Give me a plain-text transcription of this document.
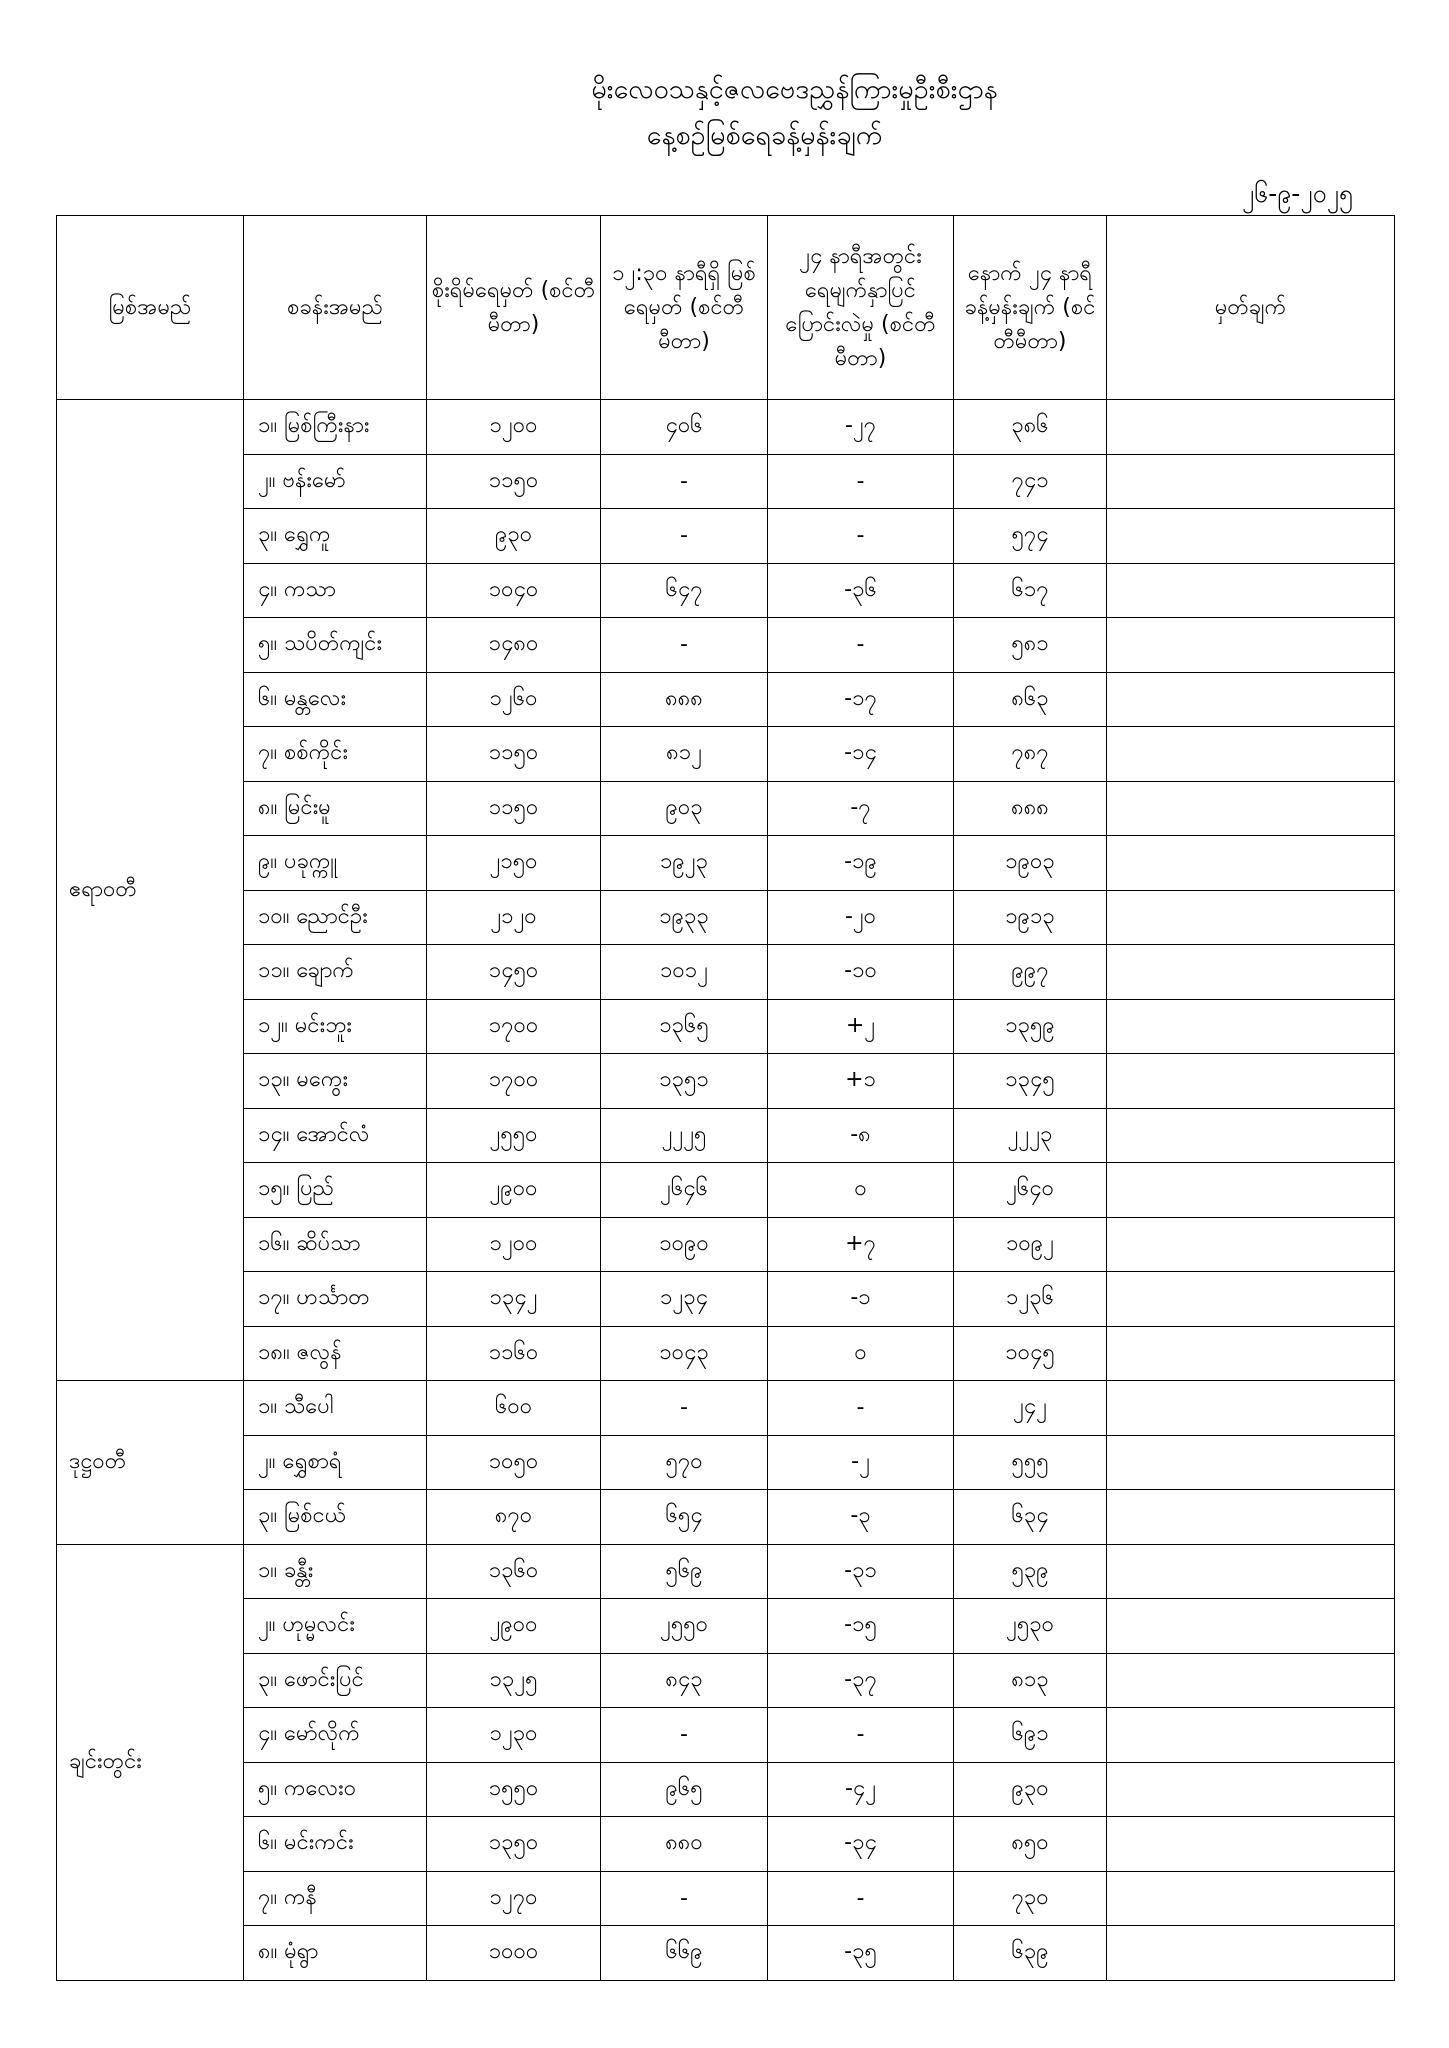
မိုးလေဝသနှင့်ဇလဗေဒညွှန်ကြားမှုဦးစီးဌာန
နေ့စဉ်မြစ်ရေခန့်မှန်းချက်
၂၆-၉-၂၀၂၅
မြစ်အမည်	စခန်းအမည်	စိုးရိမ်ရေမှတ် (စင်တီမီတာ)	၁၂:၃၀ နာရီရှိ မြစ်ရေမှတ် (စင်တီမီတာ)	၂၄ နာရီအတွင်း ရေမျက်နှာပြင် ပြောင်းလဲမှု (စင်တီမီတာ)	နောက် ၂၄ နာရီ ခန့်မှန်းချက် (စင်တီမီတာ)	မှတ်ချက်
ဧရာဝတီ	၁။ မြစ်ကြီးနား	၁၂၀၀	၄၀၆	-၂၇	၃၈၆	
	၂။ ဗန်းမော်	၁၁၅၀	-	-	၇၄၁	
	၃။ ရွှေကူ	၉၃၀	-	-	၅၇၄	
	၄။ ကသာ	၁၀၄၀	၆၄၇	-၃၆	၆၁၇	
	၅။ သပိတ်ကျင်း	၁၄၈၀	-	-	၅၈၁	
	၆။ မန္တလေး	၁၂၆၀	၈၈၈	-၁၇	၈၆၃	
	၇။ စစ်ကိုင်း	၁၁၅၀	၈၁၂	-၁၄	၇၈၇	
	၈။ မြင်းမူ	၁၁၅၀	၉၀၃	-၇	၈၈၈	
	၉။ ပခုက္ကူ	၂၁၅၀	၁၉၂၃	-၁၉	၁၉၀၃	
	၁၀။ ညောင်ဦး	၂၁၂၀	၁၉၃၃	-၂၀	၁၉၁၃	
	၁၁။ ချောက်	၁၄၅၀	၁၀၁၂	-၁၀	၉၉၇	
	၁၂။ မင်းဘူး	၁၇၀၀	၁၃၆၅	+၂	၁၃၅၉	
	၁၃။ မကွေး	၁၇၀၀	၁၃၅၁	+၁	၁၃၄၅	
	၁၄။ အောင်လံ	၂၅၅၀	၂၂၂၅	-၈	၂၂၂၃	
	၁၅။ ပြည်	၂၉၀၀	၂၆၄၆	၀	၂၆၄၀	
	၁၆။ ဆိပ်သာ	၁၂၀၀	၁၀၉၀	+၇	၁၀၉၂	
	၁၇။ ဟင်္သာတ	၁၃၄၂	၁၂၃၄	-၁	၁၂၃၆	
	၁၈။ ဇလွန်	၁၁၆၀	၁၀၄၃	၀	၁၀၄၅	
ဒုဋ္ဌဝတီ	၁။ သီပေါ	၆၀၀	-	-	၂၄၂	
	၂။ ရွှေစာရံ	၁၀၅၀	၅၇၀	-၂	၅၅၅	
	၃။ မြစ်ငယ်	၈၇၀	၆၅၄	-၃	၆၃၄	
ချင်းတွင်း	၁။ ခန္တီး	၁၃၆၀	၅၆၉	-၃၁	၅၃၉	
	၂။ ဟုမ္မလင်း	၂၉၀၀	၂၅၅၀	-၁၅	၂၅၃၀	
	၃။ ဖောင်းပြင်	၁၃၂၅	၈၄၃	-၃၇	၈၁၃	
	၄။ မော်လိုက်	၁၂၃၀	-	-	၆၉၁	
	၅။ ကလေးဝ	၁၅၅၀	၉၆၅	-၄၂	၉၃၀	
	၆။ မင်းကင်း	၁၃၅၀	၈၈၀	-၃၄	၈၅၀	
	၇။ ကနီ	၁၂၇၀	-	-	၇၃၀	
	၈။ မုံရွာ	၁၀၀၀	၆၆၉	-၃၅	၆၃၉	
